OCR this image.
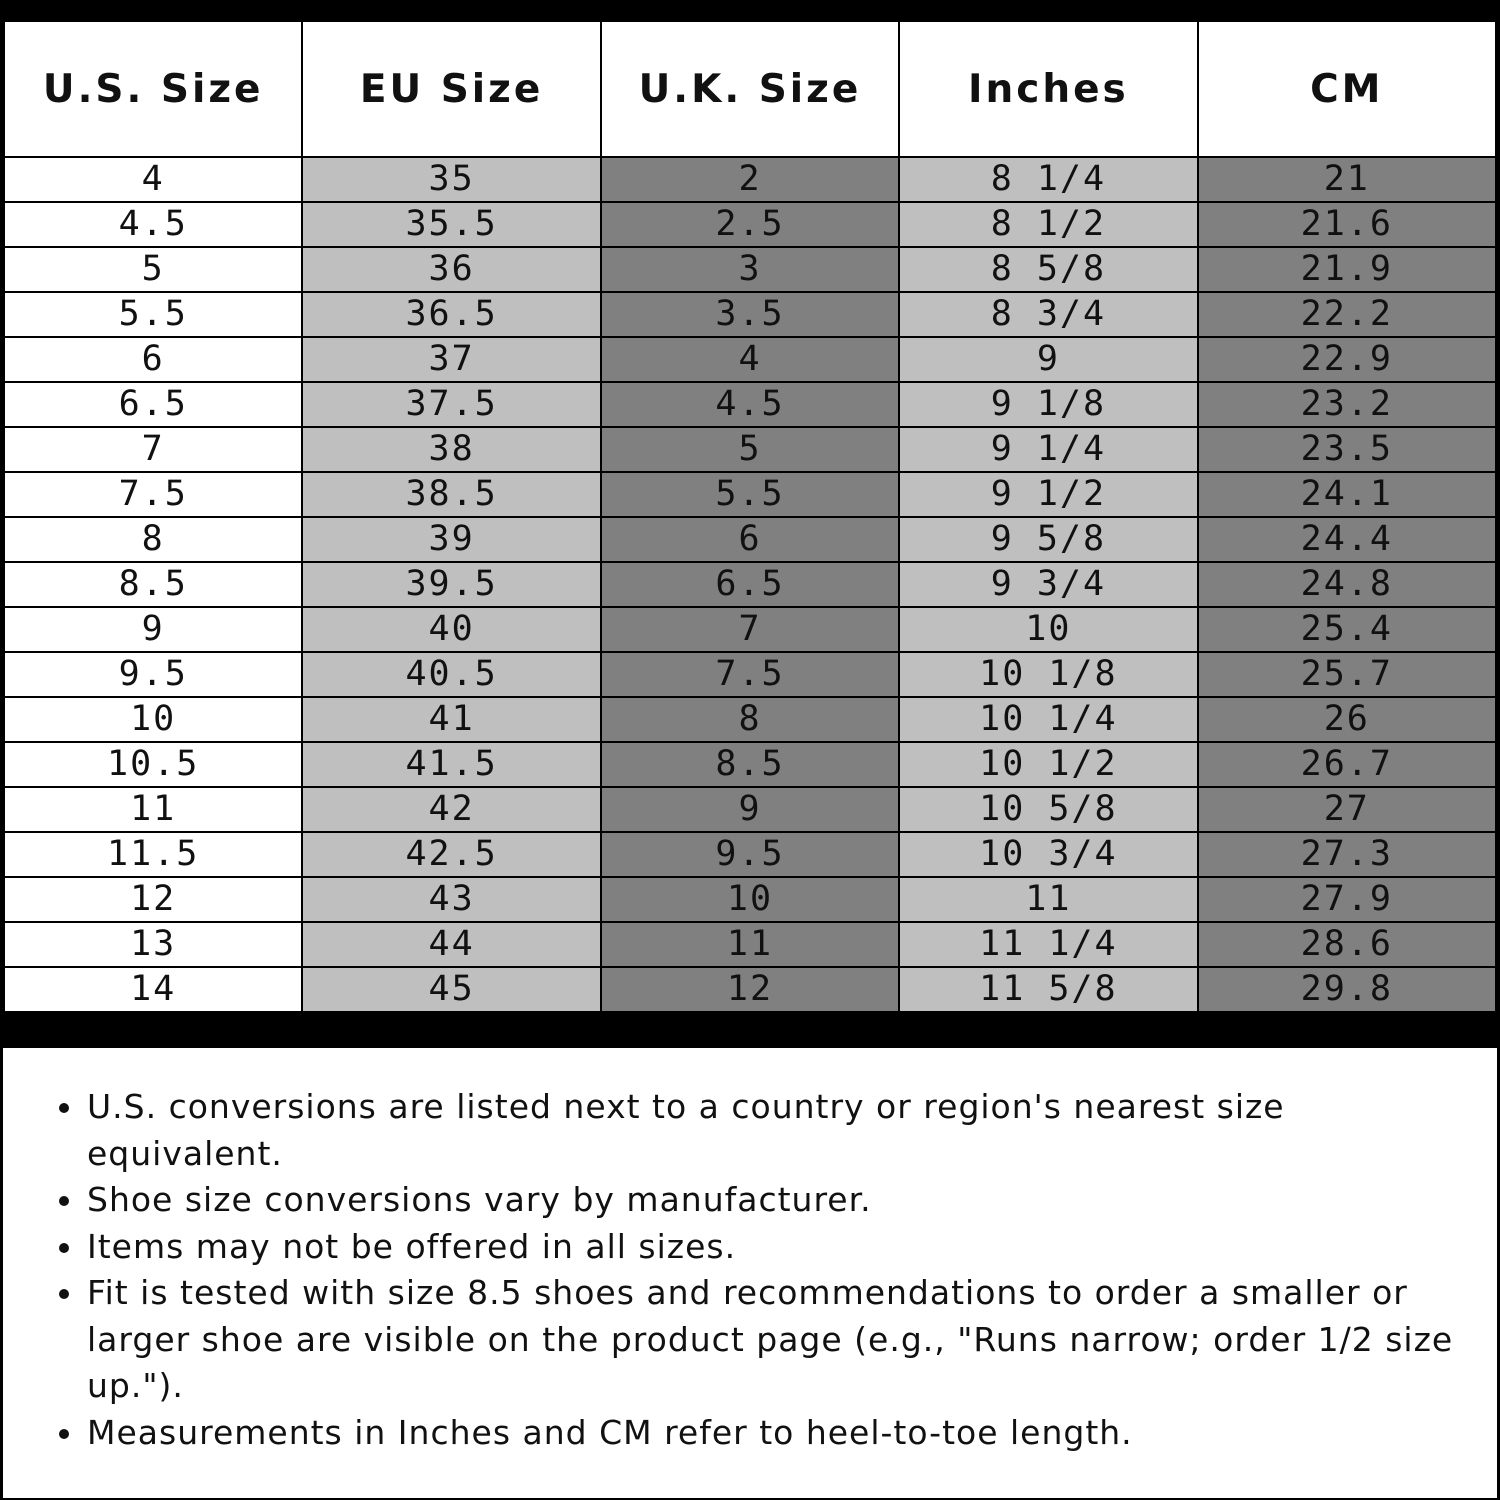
U.S. Size	EU Size	U.K. Size	Inches	CM
4	35	2	8 1/4	21
4.5	35.5	2.5	8 1/2	21.6
5	36	3	8 5/8	21.9
5.5	36.5	3.5	8 3/4	22.2
6	37	4	9	22.9
6.5	37.5	4.5	9 1/8	23.2
7	38	5	9 1/4	23.5
7.5	38.5	5.5	9 1/2	24.1
8	39	6	9 5/8	24.4
8.5	39.5	6.5	9 3/4	24.8
9	40	7	10	25.4
9.5	40.5	7.5	10 1/8	25.7
10	41	8	10 1/4	26
10.5	41.5	8.5	10 1/2	26.7
11	42	9	10 5/8	27
11.5	42.5	9.5	10 3/4	27.3
12	43	10	11	27.9
13	44	11	11 1/4	28.6
14	45	12	11 5/8	29.8
U.S. conversions are listed next to a country or region's nearest size equivalent.
Shoe size conversions vary by manufacturer.
Items may not be offered in all sizes.
Fit is tested with size 8.5 shoes and recommendations to order a smaller or larger shoe are visible on the product page (e.g., "Runs narrow; order 1/2 size up.").
Measurements in Inches and CM refer to heel-to-toe length.
